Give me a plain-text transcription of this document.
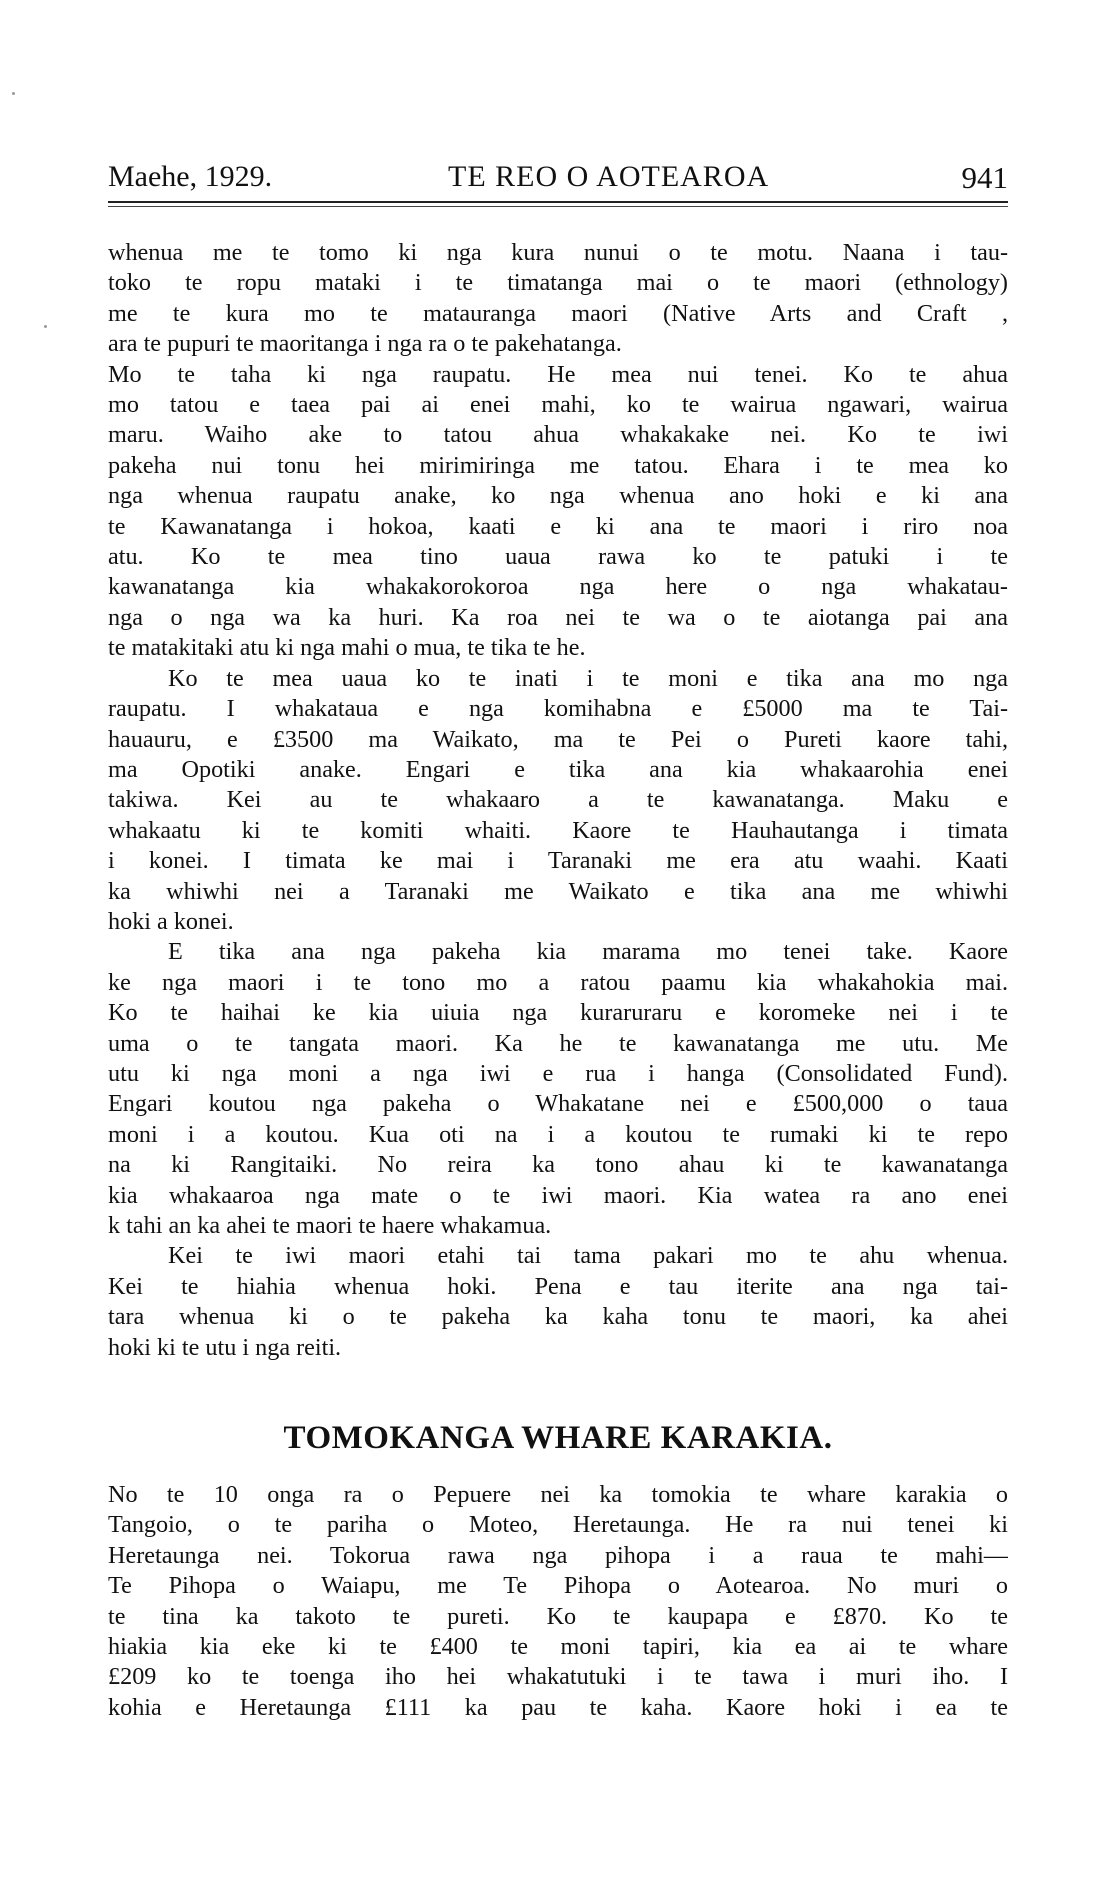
Maehe, 1929.	TE REO O AOTEAROA	941
whenua me te tomo ki nga kura nunui o te motu. Naana i tau-
toko te ropu mataki i te timatanga mai o te maori (ethnology)
me te kura mo te matauranga maori (Native Arts and Craft ,
ara te pupuri te maoritanga i nga ra o te pakehatanga.
Mo te taha ki nga raupatu. He mea nui tenei. Ko te ahua
mo tatou e taea pai ai enei mahi, ko te wairua ngawari, wairua
maru. Waiho ake to tatou ahua whakakake nei. Ko te iwi
pakeha nui tonu hei mirimiringa me tatou. Ehara i te mea ko
nga whenua raupatu anake, ko nga whenua ano hoki e ki ana
te Kawanatanga i hokoa, kaati e ki ana te maori i riro noa
atu. Ko te mea tino uaua rawa ko te patuki i te
kawanatanga kia whakakorokoroa nga here o nga whakatau-
nga o nga wa ka huri. Ka roa nei te wa o te aiotanga pai ana
te matakitaki atu ki nga mahi o mua, te tika te he.
Ko te mea uaua ko te inati i te moni e tika ana mo nga
raupatu. I whakataua e nga komihabna e £5000 ma te Tai-
hauauru, e £3500 ma Waikato, ma te Pei o Pureti kaore tahi,
ma Opotiki anake. Engari e tika ana kia whakaarohia enei
takiwa. Kei au te whakaaro a te kawanatanga. Maku e
whakaatu ki te komiti whaiti. Kaore te Hauhautanga i timata
i konei. I timata ke mai i Taranaki me era atu waahi. Kaati
ka whiwhi nei a Taranaki me Waikato e tika ana me whiwhi
hoki a konei.
E tika ana nga pakeha kia marama mo tenei take. Kaore
ke nga maori i te tono mo a ratou paamu kia whakahokia mai.
Ko te haihai ke kia uiuia nga kuraruraru e koromeke nei i te
uma o te tangata maori. Ka he te kawanatanga me utu. Me
utu ki nga moni a nga iwi e rua i hanga (Consolidated Fund).
Engari koutou nga pakeha o Whakatane nei e £500,000 o taua
moni i a koutou. Kua oti na i a koutou te rumaki ki te repo
na ki Rangitaiki. No reira ka tono ahau ki te kawanatanga
kia whakaaroa nga mate o te iwi maori. Kia watea ra ano enei
k tahi an ka ahei te maori te haere whakamua.
Kei te iwi maori etahi tai tama pakari mo te ahu whenua.
Kei te hiahia whenua hoki. Pena e tau iterite ana nga tai-
tara whenua ki o te pakeha ka kaha tonu te maori, ka ahei
hoki ki te utu i nga reiti.
TOMOKANGA WHARE KARAKIA.
No te 10 onga ra o Pepuere nei ka tomokia te whare karakia o
Tangoio, o te pariha o Moteo, Heretaunga. He ra nui tenei ki
Heretaunga nei. Tokorua rawa nga pihopa i a raua te mahi—
Te Pihopa o Waiapu, me Te Pihopa o Aotearoa. No muri o
te tina ka takoto te pureti. Ko te kaupapa e £870. Ko te
hiakia kia eke ki te £400 te moni tapiri, kia ea ai te whare
£209 ko te toenga iho hei whakatutuki i te tawa i muri iho. I
kohia e Heretaunga £111 ka pau te kaha. Kaore hoki i ea te
